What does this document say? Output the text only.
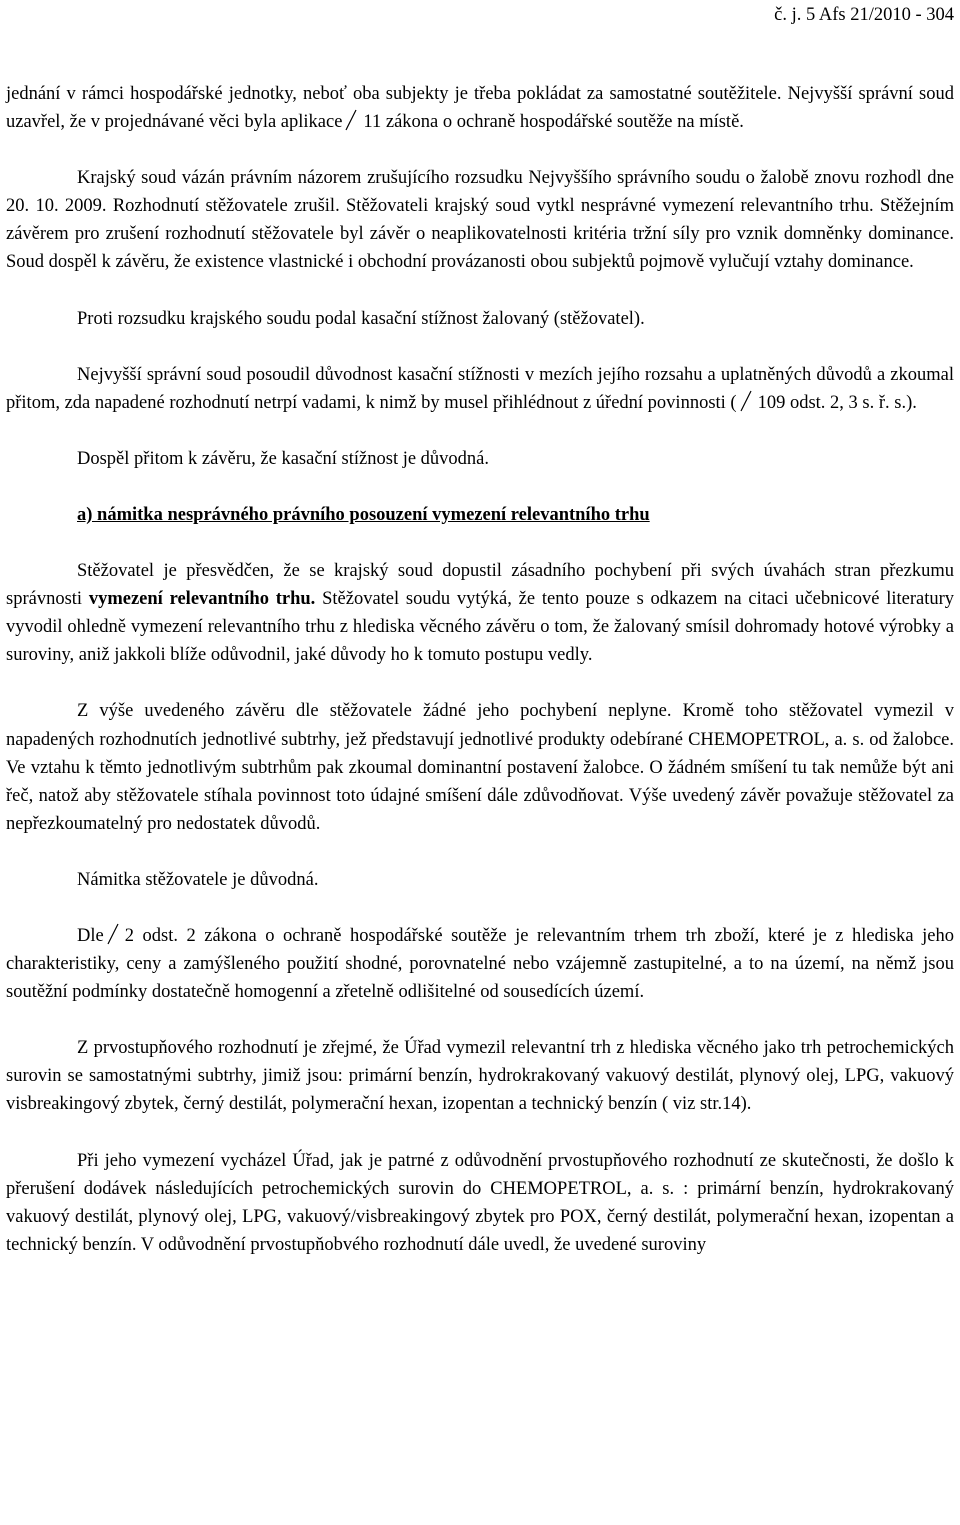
č. j. 5 Afs 21/2010 - 304

jednání v rámci hospodářské jednotky, neboť oba subjekty je třeba pokládat za samostatné soutěžitele. Nejvyšší správní soud uzavřel, že v projednávané věci byla aplikace 11 zákona o ochraně hospodářské soutěže na místě.

Krajský soud vázán právním názorem zrušujícího rozsudku Nejvyššího správního soudu o žalobě znovu rozhodl dne 20. 10. 2009. Rozhodnutí stěžovatele zrušil. Stěžovateli krajský soud vytkl nesprávné vymezení relevantního trhu. Stěžejním závěrem pro zrušení rozhodnutí stěžovatele byl závěr o neaplikovatelnosti kritéria tržní síly pro vznik domněnky dominance. Soud dospěl k závěru, že existence vlastnické i obchodní provázanosti obou subjektů pojmově vylučují vztahy dominance.

Proti rozsudku krajského soudu podal kasační stížnost žalovaný (stěžovatel).

Nejvyšší správní soud posoudil důvodnost kasační stížnosti v mezích jejího rozsahu a uplatněných důvodů a zkoumal přitom, zda napadené rozhodnutí netrpí vadami, k nimž by musel přihlédnout z úřední povinnosti ( 109 odst. 2, 3 s. ř. s.).

Dospěl přitom k závěru, že kasační stížnost je důvodná.

a) námitka nesprávného právního posouzení vymezení relevantního trhu

Stěžovatel je přesvědčen, že se krajský soud dopustil zásadního pochybení při svých úvahách stran přezkumu správnosti vymezení relevantního trhu. Stěžovatel soudu vytýká, že tento pouze s odkazem na citaci učebnicové literatury vyvodil ohledně vymezení relevantního trhu z hlediska věcného závěru o tom, že žalovaný smísil dohromady hotové výrobky a suroviny, aniž jakkoli blíže odůvodnil, jaké důvody ho k tomuto postupu vedly.

Z výše uvedeného závěru dle stěžovatele žádné jeho pochybení neplyne. Kromě toho stěžovatel vymezil v napadených rozhodnutích jednotlivé subtrhy, jež představují jednotlivé produkty odebírané CHEMOPETROL, a. s. od žalobce. Ve vztahu k těmto jednotlivým subtrhům pak zkoumal dominantní postavení žalobce. O žádném smíšení tu tak nemůže být ani řeč, natož aby stěžovatele stíhala povinnost toto údajné smíšení dále zdůvodňovat. Výše uvedený závěr považuje stěžovatel za nepřezkoumatelný pro nedostatek důvodů.

Námitka stěžovatele je důvodná.

Dle 2 odst. 2 zákona o ochraně hospodářské soutěže je relevantním trhem trh zboží, které je z hlediska jeho charakteristiky, ceny a zamýšleného použití shodné, porovnatelné nebo vzájemně zastupitelné, a to na území, na němž jsou soutěžní podmínky dostatečně homogenní a zřetelně odlišitelné od sousedících území.

Z prvostupňového rozhodnutí je zřejmé, že Úřad vymezil relevantní trh z hlediska věcného jako trh petrochemických surovin se samostatnými subtrhy, jimiž jsou: primární benzín, hydrokrakovaný vakuový destilát, plynový olej, LPG, vakuový visbreakingový zbytek, černý destilát, polymerační hexan, izopentan a technický benzín ( viz str.14).

Při jeho vymezení vycházel Úřad, jak je patrné z odůvodnění prvostupňového rozhodnutí ze skutečnosti, že došlo k přerušení dodávek následujících petrochemických surovin do CHEMOPETROL, a. s. : primární benzín, hydrokrakovaný vakuový destilát, plynový olej, LPG, vakuový/visbreakingový zbytek pro POX, černý destilát, polymerační hexan, izopentan a technický benzín. V odůvodnění prvostupňobvého rozhodnutí dále uvedl, že uvedené suroviny
